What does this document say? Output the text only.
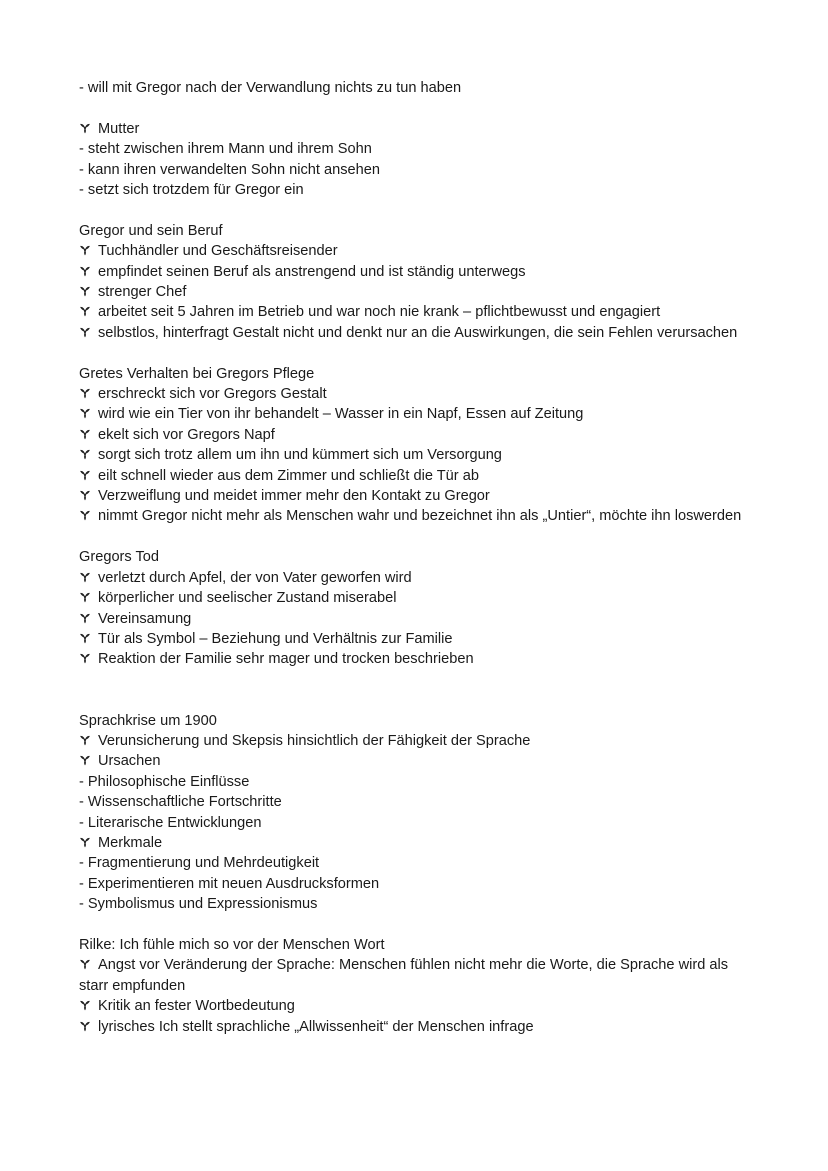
- will mit Gregor nach der Verwandlung nichts zu tun haben
Mutter
- steht zwischen ihrem Mann und ihrem Sohn
- kann ihren verwandelten Sohn nicht ansehen
- setzt sich trotzdem für Gregor ein
Gregor und sein Beruf
Tuchhändler und Geschäftsreisender
empfindet seinen Beruf als anstrengend und ist ständig unterwegs
strenger Chef
arbeitet seit 5 Jahren im Betrieb und war noch nie krank – pflichtbewusst und engagiert
selbstlos, hinterfragt Gestalt nicht und denkt nur an die Auswirkungen, die sein Fehlen verursachen
Gretes Verhalten bei Gregors Pflege
erschreckt sich vor Gregors Gestalt
wird wie ein Tier von ihr behandelt – Wasser in ein Napf, Essen auf Zeitung
ekelt sich vor Gregors Napf
sorgt sich trotz allem um ihn und kümmert sich um Versorgung
eilt schnell wieder aus dem Zimmer und schließt die Tür ab
Verzweiflung und meidet immer mehr den Kontakt zu Gregor
nimmt Gregor nicht mehr als Menschen wahr und bezeichnet ihn als „Untier“, möchte ihn loswerden
Gregors Tod
verletzt durch Apfel, der von Vater geworfen wird
körperlicher und seelischer Zustand miserabel
Vereinsamung
Tür als Symbol – Beziehung und Verhältnis zur Familie
Reaktion der Familie sehr mager und trocken beschrieben
Sprachkrise um 1900
Verunsicherung und Skepsis hinsichtlich der Fähigkeit der Sprache
Ursachen
- Philosophische Einflüsse
- Wissenschaftliche Fortschritte
- Literarische Entwicklungen
Merkmale
- Fragmentierung und Mehrdeutigkeit
- Experimentieren mit neuen Ausdrucksformen
- Symbolismus und Expressionismus
Rilke: Ich fühle mich so vor der Menschen Wort
Angst vor Veränderung der Sprache: Menschen fühlen nicht mehr die Worte, die Sprache wird als starr empfunden
Kritik an fester Wortbedeutung
lyrisches Ich stellt sprachliche „Allwissenheit“ der Menschen infrage
